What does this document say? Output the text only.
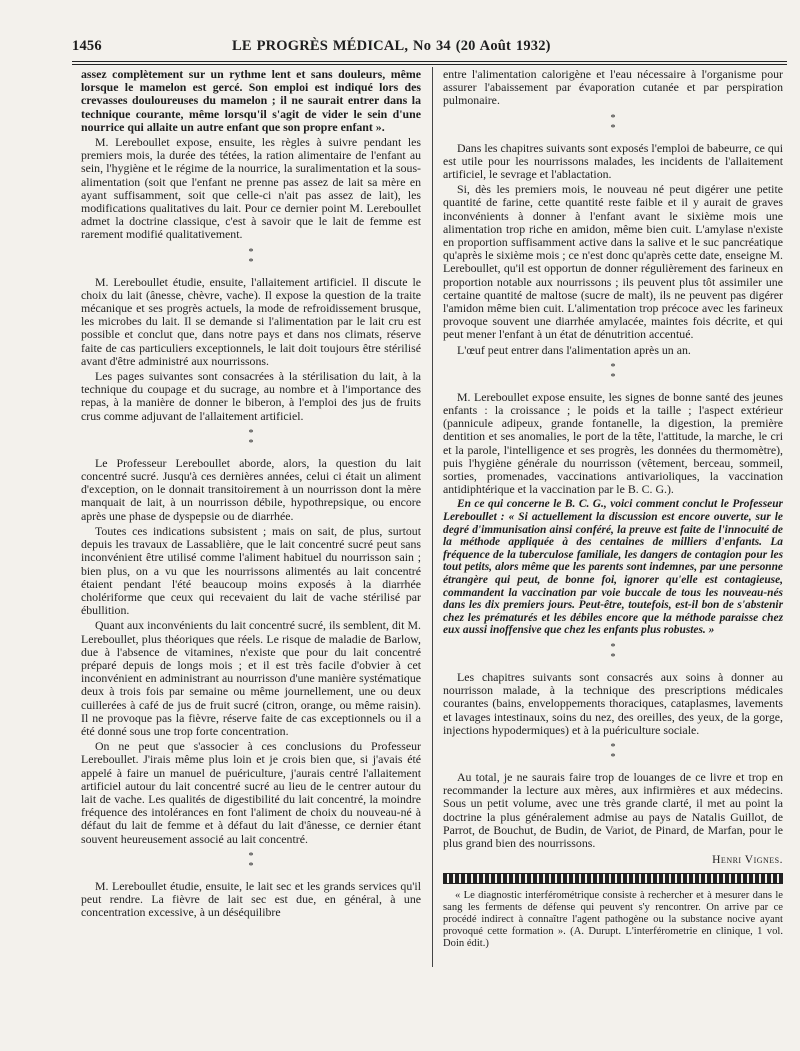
1456	LE PROGRÈS MÉDICAL, No 34 (20 Août 1932)

assez complètement sur un rythme lent et sans douleurs, même lorsque le mamelon est gercé. Son emploi est indiqué lors des crevasses douloureuses du mamelon ; il ne saurait entrer dans la technique courante, même lorsqu'il s'agit de vider le sein d'une nourrice qui allaite un autre enfant que son propre enfant ».

M. Lereboullet expose, ensuite, les règles à suivre pendant les premiers mois, la durée des tétées, la ration alimentaire de l'enfant au sein, l'hygiène et le régime de la nourrice, la suralimentation et la sous-alimentation (soit que l'enfant ne prenne pas assez de lait sa mère en ayant suffisamment, soit que celle-ci n'ait pas assez de lait), les modifications qualitatives du lait. Pour ce dernier point M. Lereboullet admet la doctrine classique, c'est à savoir que le lait de femme est rarement modifié qualitativement.

*
*

M. Lereboullet étudie, ensuite, l'allaitement artificiel. Il discute le choix du lait (ânesse, chèvre, vache). Il expose la question de la traite mécanique et ses progrès actuels, la mode de refroidissement brusque, les microbes du lait. Il se demande si l'alimentation par le lait cru est possible et conclut que, dans notre pays et dans nos climats, réserve faite de cas particuliers exceptionnels, le lait doit toujours être stérilisé avant d'être administré aux nourrissons.

Les pages suivantes sont consacrées à la stérilisation du lait, à la technique du coupage et du sucrage, au nombre et à l'importance des repas, à la manière de donner le biberon, à l'emploi des jus de fruits crus comme adjuvant de l'allaitement artificiel.

*
*

Le Professeur Lereboullet aborde, alors, la question du lait concentré sucré. Jusqu'à ces dernières années, celui ci était un aliment d'exception, on le donnait transitoirement à un nourrisson dont la mère manquait de lait, à un nourrisson débile, hypothrepsique, ou encore après une phase de dyspepsie ou de diarrhée.

Toutes ces indications subsistent ; mais on sait, de plus, surtout depuis les travaux de Lassablière, que le lait concentré sucré peut sans inconvénient être utilisé comme l'aliment habituel du nourrisson sain ; bien plus, on a vu que les nourrissons alimentés au lait concentré étaient pendant l'été beaucoup moins exposés à la diarrhée cholériforme que ceux qui recevaient du lait de vache stérilisé par ébullition.

Quant aux inconvénients du lait concentré sucré, ils semblent, dit M. Lereboullet, plus théoriques que réels. Le risque de maladie de Barlow, due à l'absence de vitamines, n'existe que pour du lait concentré préparé depuis de longs mois ; et il est très facile d'obvier à cet inconvénient en administrant au nourrisson d'une manière systématique deux à trois fois par semaine ou même journellement, une ou deux cuillerées à café de jus de fruit sucré (citron, orange, ou même raisin). Il ne provoque pas la fièvre, réserve faite de cas exceptionnels ou il a été donné sous une trop forte concentration.

On ne peut que s'associer à ces conclusions du Professeur Lereboullet. J'irais même plus loin et je crois bien que, si j'avais été appelé à faire un manuel de puériculture, j'aurais centré l'allaitement artificiel autour du lait concentré sucré au lieu de le centrer autour du lait de vache. Les qualités de digestibilité du lait concentré, la moindre fréquence des intolérances en font l'aliment de choix du nouveau-né à défaut du lait de femme et à défaut du lait d'ânesse, ce dernier étant souvent heureusement associé au lait concentré.

*
*

M. Lereboullet étudie, ensuite, le lait sec et les grands services qu'il peut rendre. La fièvre de lait sec est due, en général, à une concentration excessive, à un déséquilibre

entre l'alimentation calorigène et l'eau nécessaire à l'organisme pour assurer l'abaissement par évaporation cutanée et par perspiration pulmonaire.

*
*

Dans les chapitres suivants sont exposés l'emploi de babeurre, ce qui est utile pour les nourrissons malades, les incidents de l'allaitement artificiel, le sevrage et l'ablactation.

Si, dès les premiers mois, le nouveau né peut digérer une petite quantité de farine, cette quantité reste faible et il y aurait de graves inconvénients à donner à l'enfant avant le sixième mois une alimentation trop riche en amidon, même bien cuit. L'amylase n'existe en proportion suffisamment active dans la salive et le suc pancréatique qu'après le sixième mois ; ce n'est donc qu'après cette date, enseigne M. Lereboullet, qu'il est opportun de donner régulièrement des farineux en proportion notable aux nourrissons ; ils peuvent plus tôt assimiler une certaine quantité de maltose (sucre de malt), ils ne peuvent pas digérer l'amidon même bien cuit. L'alimentation trop précoce avec les farineux provoque souvent une diarrhée amylacée, maintes fois décrite, et qui peut mener l'enfant à un état de dénutrition accentué.

L'œuf peut entrer dans l'alimentation après un an.

*
*

M. Lereboullet expose ensuite, les signes de bonne santé des jeunes enfants : la croissance ; le poids et la taille ; l'aspect extérieur (pannicule adipeux, grande fontanelle, la digestion, la première dentition et ses anomalies, le port de la tête, l'attitude, la marche, le cri et la parole, l'intelligence et ses progrès, les données du thermomètre), puis l'hygiène générale du nourrisson (vêtement, berceau, sommeil, sorties, promenades, vaccinations antivarioliques, la vaccination antidiphtérique et la vaccination par le B. C. G.).

En ce qui concerne le B. C. G., voici comment conclut le Professeur Lereboullet : « Si actuellement la discussion est encore ouverte, sur le degré d'immunisation ainsi conféré, la preuve est faite de l'innocuité de la méthode appliquée à des centaines de milliers d'enfants. La fréquence de la tuberculose familiale, les dangers de contagion pour les tout petits, alors même que les parents sont indemnes, par une personne étrangère qui peut, de bonne foi, ignorer qu'elle est contagieuse, commandent la vaccination par voie buccale de tous les nouveau-nés dans les dix premiers jours. Peut-être, toutefois, est-il bon de s'abstenir chez les prématurés et les débiles encore que la méthode paraisse chez eux aussi inoffensive que chez les enfants plus robustes. »

*
*

Les chapitres suivants sont consacrés aux soins à donner au nourrisson malade, à la technique des prescriptions médicales courantes (bains, enveloppements thoraciques, cataplasmes, lavements et lavages intestinaux, soins du nez, des oreilles, des yeux, de la gorge, injections hypodermiques) et à la puériculture sociale.

*
*

Au total, je ne saurais faire trop de louanges de ce livre et trop en recommander la lecture aux mères, aux infirmières et aux médecins. Sous un petit volume, avec une très grande clarté, il met au point la doctrine la plus généralement admise au pays de Natalis Guillot, de Parrot, de Bouchut, de Budin, de Variot, de Pinard, de Marfan, pour le plus grand bien des nourrissons.

Henri Vignes.

« Le diagnostic interférométrique consiste à rechercher et à mesurer dans le sang les ferments de défense qui peuvent s'y rencontrer. On arrive par ce procédé indirect à connaître l'agent pathogène ou la substance nocive ayant provoqué cette formation ». (A. Durupt. L'interférometrie en clinique, 1 vol. Doin édit.)
